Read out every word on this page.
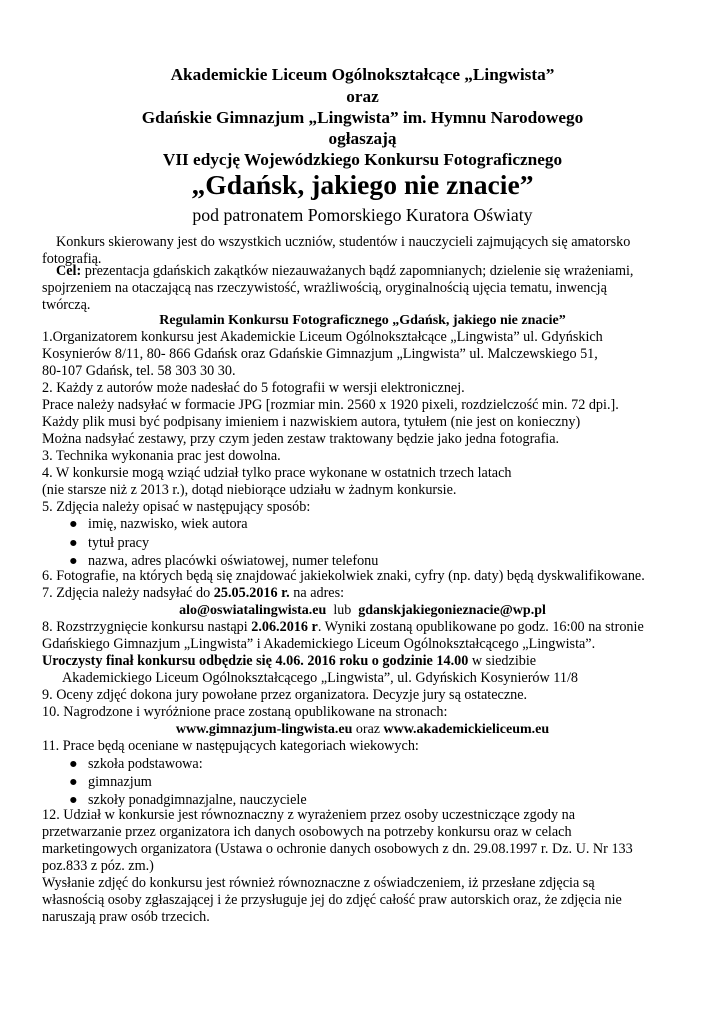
Akademickie Liceum Ogólnokształcące „Lingwista”
oraz
Gdańskie Gimnazjum „Lingwista” im. Hymnu Narodowego
ogłaszają
VII edycję Wojewódzkiego Konkursu Fotograficznego
„Gdańsk, jakiego nie znacie”
pod patronatem Pomorskiego Kuratora Oświaty
Konkurs skierowany jest do wszystkich uczniów, studentów i nauczycieli zajmujących się amatorsko
fotografią.
Cel: prezentacja gdańskich zakątków niezauważanych bądź zapomnianych; dzielenie się wrażeniami,
spojrzeniem na otaczającą nas rzeczywistość, wrażliwością, oryginalnością ujęcia tematu, inwencją
twórczą.
Regulamin Konkursu Fotograficznego „Gdańsk, jakiego nie znacie”
1.Organizatorem konkursu jest Akademickie Liceum Ogólnokształcące „Lingwista” ul. Gdyńskich
Kosynierów 8/11, 80- 866 Gdańsk oraz Gdańskie Gimnazjum „Lingwista” ul. Malczewskiego 51,
80-107 Gdańsk, tel. 58 303 30 30.
2. Każdy z autorów może nadesłać do 5 fotografii w wersji elektronicznej.
Prace należy nadsyłać w formacie JPG [rozmiar min. 2560 x 1920 pixeli, rozdzielczość min. 72 dpi.].
Każdy plik musi być podpisany imieniem i nazwiskiem autora, tytułem (nie jest on konieczny)
Można nadsyłać zestawy, przy czym jeden zestaw traktowany będzie jako jedna fotografia.
3. Technika wykonania prac jest dowolna.
4. W konkursie mogą wziąć udział tylko prace wykonane w ostatnich trzech latach
(nie starsze niż z 2013 r.), dotąd niebiorące udziału w żadnym konkursie.
5. Zdjęcia należy opisać w następujący sposób:
● imię, nazwisko, wiek autora
● tytuł pracy
● nazwa, adres placówki oświatowej, numer telefonu
6. Fotografie, na których będą się znajdować jakiekolwiek znaki, cyfry (np. daty) będą dyskwalifikowane.
7. Zdjęcia należy nadsyłać do 25.05.2016 r. na adres:
alo@oswiatalingwista.eu  lub  gdanskjakiegonieznacie@wp.pl
8. Rozstrzygnięcie konkursu nastąpi 2.06.2016 r. Wyniki zostaną opublikowane po godz. 16:00 na stronie
Gdańskiego Gimnazjum „Lingwista” i Akademickiego Liceum Ogólnokształcącego „Lingwista”.
Uroczysty finał konkursu odbędzie się 4.06. 2016 roku o godzinie 14.00 w siedzibie
Akademickiego Liceum Ogólnokształcącego „Lingwista”, ul. Gdyńskich Kosynierów 11/8
9. Oceny zdjęć dokona jury powołane przez organizatora. Decyzje jury są ostateczne.
10. Nagrodzone i wyróżnione prace zostaną opublikowane na stronach:
www.gimnazjum-lingwista.eu oraz www.akademickieliceum.eu
11. Prace będą oceniane w następujących kategoriach wiekowych:
● szkoła podstawowa:
● gimnazjum
● szkoły ponadgimnazjalne, nauczyciele
12. Udział w konkursie jest równoznaczny z wyrażeniem przez osoby uczestniczące zgody na
przetwarzanie przez organizatora ich danych osobowych na potrzeby konkursu oraz w celach
marketingowych organizatora (Ustawa o ochronie danych osobowych z dn. 29.08.1997 r. Dz. U. Nr 133
poz.833 z póz. zm.)
Wysłanie zdjęć do konkursu jest również równoznaczne z oświadczeniem, iż przesłane zdjęcia są
własnością osoby zgłaszającej i że przysługuje jej do zdjęć całość praw autorskich oraz, że zdjęcia nie
naruszają praw osób trzecich.
